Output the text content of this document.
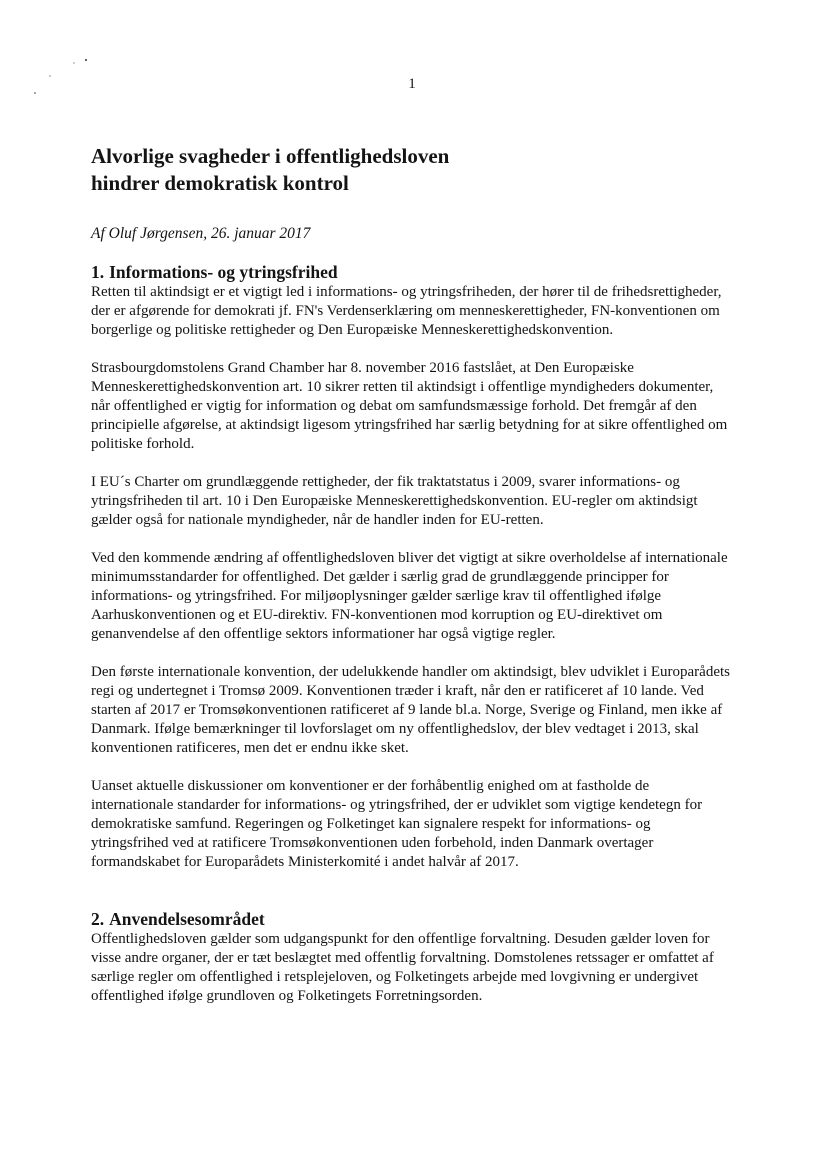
1
Alvorlige svagheder i offentlighedsloven
hindrer demokratisk kontrol

Af Oluf Jørgensen, 26. januar 2017

1. Informations- og ytringsfrihed

Retten til aktindsigt er et vigtigt led i informations- og ytringsfriheden, der hører til de frihedsrettigheder, der er afgørende for demokrati jf. FN's Verdenserklæring om menneskerettigheder, FN-konventionen om borgerlige og politiske rettigheder og Den Europæiske Menneskerettighedskonvention.

Strasbourgdomstolens Grand Chamber har 8. november 2016 fastslået, at Den Europæiske Menneskerettighedskonvention art. 10 sikrer retten til aktindsigt i offentlige myndigheders dokumenter, når offentlighed er vigtig for information og debat om samfundsmæssige forhold. Det fremgår af den principielle afgørelse, at aktindsigt ligesom ytringsfrihed har særlig betydning for at sikre offentlighed om politiske forhold.

I EU´s Charter om grundlæggende rettigheder, der fik traktatstatus i 2009, svarer informations- og ytringsfriheden til art. 10 i Den Europæiske Menneskerettighedskonvention. EU-regler om aktindsigt gælder også for nationale myndigheder, når de handler inden for EU-retten.

Ved den kommende ændring af offentlighedsloven bliver det vigtigt at sikre overholdelse af internationale minimumsstandarder for offentlighed. Det gælder i særlig grad de grundlæggende principper for informations- og ytringsfrihed. For miljøoplysninger gælder særlige krav til offentlighed ifølge Aarhuskonventionen og et EU-direktiv. FN-konventionen mod korruption og EU-direktivet om genanvendelse af den offentlige sektors informationer har også vigtige regler.

Den første internationale konvention, der udelukkende handler om aktindsigt, blev udviklet i Europarådets regi og undertegnet i Tromsø 2009. Konventionen træder i kraft, når den er ratificeret af 10 lande. Ved starten af 2017 er Tromsøkonventionen ratificeret af 9 lande bl.a. Norge, Sverige og Finland, men ikke af Danmark. Ifølge bemærkninger til lovforslaget om ny offentlighedslov, der blev vedtaget i 2013, skal konventionen ratificeres, men det er endnu ikke sket.

Uanset aktuelle diskussioner om konventioner er der forhåbentlig enighed om at fastholde de internationale standarder for informations- og ytringsfrihed, der er udviklet som vigtige kendetegn for demokratiske samfund. Regeringen og Folketinget kan signalere respekt for informations- og ytringsfrihed ved at ratificere Tromsøkonventionen uden forbehold, inden Danmark overtager formandskabet for Europarådets Ministerkomité i andet halvår af 2017.

2. Anvendelsesområdet

Offentlighedsloven gælder som udgangspunkt for den offentlige forvaltning. Desuden gælder loven for visse andre organer, der er tæt beslægtet med offentlig forvaltning. Domstolenes retssager er omfattet af særlige regler om offentlighed i retsplejeloven, og Folketingets arbejde med lovgivning er undergivet offentlighed ifølge grundloven og Folketingets Forretningsorden.
